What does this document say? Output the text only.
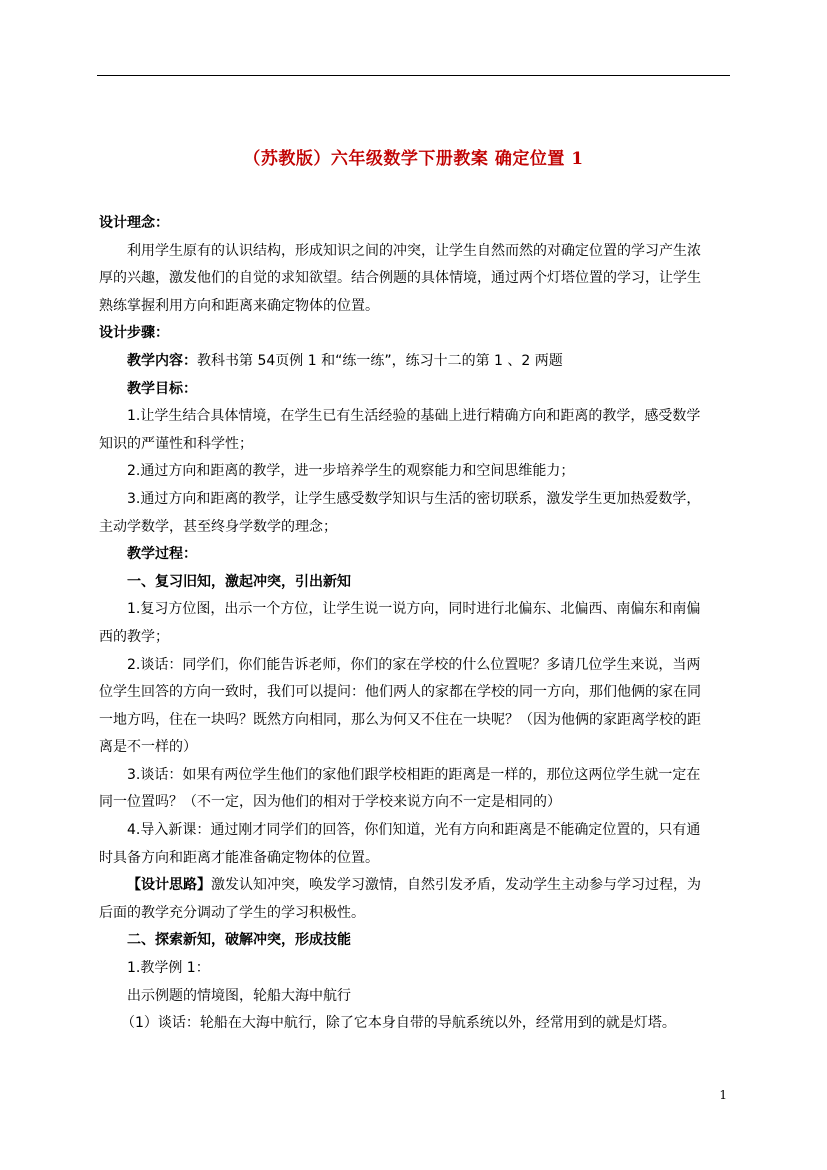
（苏教版）六年级数学下册教案 确定位置 1
设计理念：
利用学生原有的认识结构，形成知识之间的冲突，让学生自然而然的对确定位置的学习产生浓
厚的兴趣，激发他们的自觉的求知欲望。结合例题的具体情境，通过两个灯塔位置的学习，让学生
熟练掌握利用方向和距离来确定物体的位置。
设计步骤：
教学内容：教科书第 54页例 1 和“练一练”，练习十二的第 1 、2 两题
教学目标：
1.让学生结合具体情境，在学生已有生活经验的基础上进行精确方向和距离的教学，感受数学
知识的严谨性和科学性；
2.通过方向和距离的教学，进一步培养学生的观察能力和空间思维能力；
3.通过方向和距离的教学，让学生感受数学知识与生活的密切联系，激发学生更加热爱数学，
主动学数学，甚至终身学数学的理念；
教学过程：
一、复习旧知，激起冲突，引出新知
1.复习方位图，出示一个方位，让学生说一说方向，同时进行北偏东、北偏西、南偏东和南偏
西的教学；
2.谈话：同学们，你们能告诉老师，你们的家在学校的什么位置呢？多请几位学生来说，当两
位学生回答的方向一致时，我们可以提问：他们两人的家都在学校的同一方向，那们他俩的家在同
一地方吗，住在一块吗？既然方向相同，那么为何又不住在一块呢？（因为他俩的家距离学校的距
离是不一样的）
3.谈话：如果有两位学生他们的家他们跟学校相距的距离是一样的，那位这两位学生就一定在
同一位置吗？（不一定，因为他们的相对于学校来说方向不一定是相同的）
4.导入新课：通过刚才同学们的回答，你们知道，光有方向和距离是不能确定位置的，只有通
时具备方向和距离才能准备确定物体的位置。
【设计思路】激发认知冲突，唤发学习激情，自然引发矛盾，发动学生主动参与学习过程，为
后面的教学充分调动了学生的学习积极性。
二、探索新知，破解冲突，形成技能
1.教学例 1：
出示例题的情境图，轮船大海中航行
（1）谈话：轮船在大海中航行，除了它本身自带的导航系统以外，经常用到的就是灯塔。
1
